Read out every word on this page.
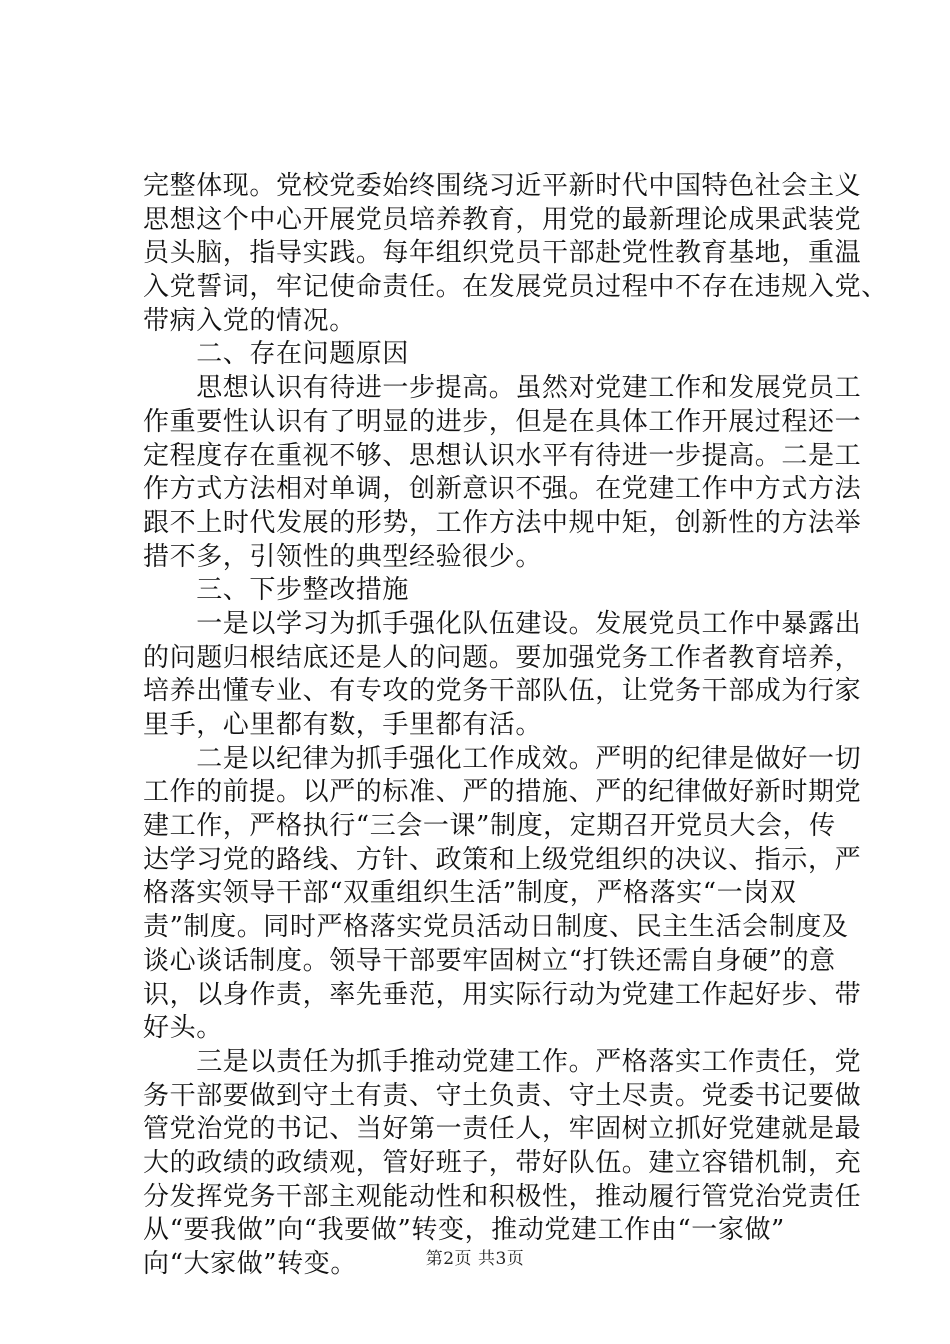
完整体现。党校党委始终围绕习近平新时代中国特色社会主义
思想这个中心开展党员培养教育，用党的最新理论成果武装党
员头脑，指导实践。每年组织党员干部赴党性教育基地，重温
入党誓词，牢记使命责任。在发展党员过程中不存在违规入党、
带病入党的情况。
　　二、存在问题原因
　　思想认识有待进一步提高。虽然对党建工作和发展党员工
作重要性认识有了明显的进步，但是在具体工作开展过程还一
定程度存在重视不够、思想认识水平有待进一步提高。二是工
作方式方法相对单调，创新意识不强。在党建工作中方式方法
跟不上时代发展的形势，工作方法中规中矩，创新性的方法举
措不多，引领性的典型经验很少。
　　三、下步整改措施
　　一是以学习为抓手强化队伍建设。发展党员工作中暴露出
的问题归根结底还是人的问题。要加强党务工作者教育培养，
培养出懂专业、有专攻的党务干部队伍，让党务干部成为行家
里手，心里都有数，手里都有活。
　　二是以纪律为抓手强化工作成效。严明的纪律是做好一切
工作的前提。以严的标准、严的措施、严的纪律做好新时期党
建工作，严格执行“三会一课”制度，定期召开党员大会，传
达学习党的路线、方针、政策和上级党组织的决议、指示，严
格落实领导干部“双重组织生活”制度，严格落实“一岗双
责”制度。同时严格落实党员活动日制度、民主生活会制度及
谈心谈话制度。领导干部要牢固树立“打铁还需自身硬”的意
识，以身作责，率先垂范，用实际行动为党建工作起好步、带
好头。
　　三是以责任为抓手推动党建工作。严格落实工作责任，党
务干部要做到守土有责、守土负责、守土尽责。党委书记要做
管党治党的书记、当好第一责任人，牢固树立抓好党建就是最
大的政绩的政绩观，管好班子，带好队伍。建立容错机制，充
分发挥党务干部主观能动性和积极性，推动履行管党治党责任
从“要我做”向“我要做”转变，推动党建工作由“一家做”
向“大家做”转变。	第2页 共3页
